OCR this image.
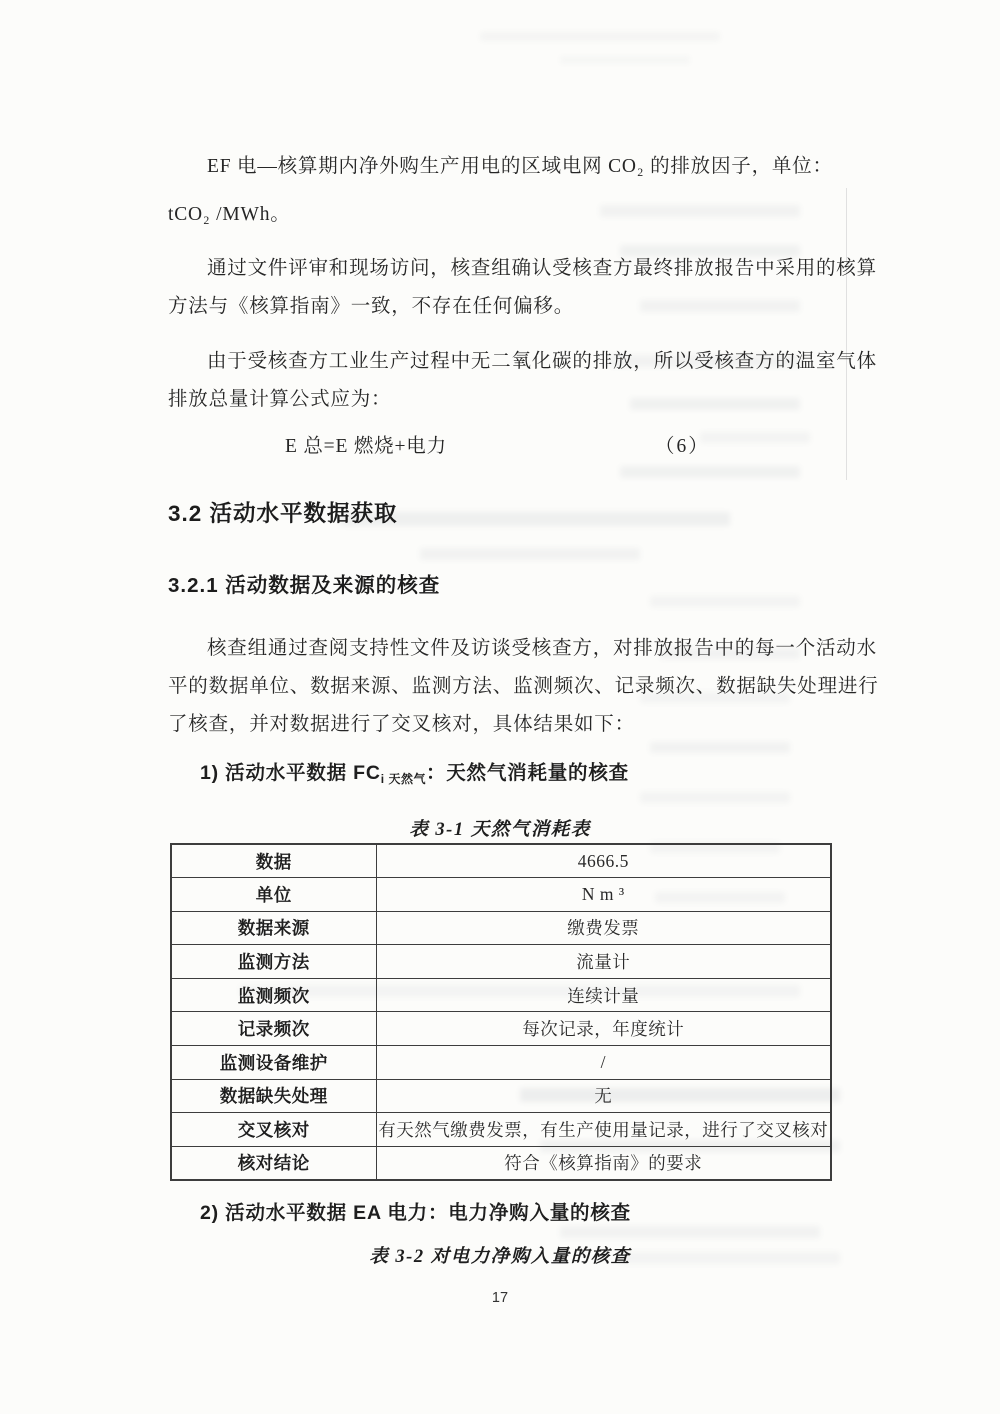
EF 电—核算期内净外购生产用电的区域电网 CO₂ 的排放因子，单位：
tCO₂ /MWh。
通过文件评审和现场访问，核查组确认受核查方最终排放报告中采用的核算
方法与《核算指南》一致，不存在任何偏移。
由于受核查方工业生产过程中无二氧化碳的排放，所以受核查方的温室气体
排放总量计算公式应为：
E 总=E 燃烧+电力	（6）
3.2 活动水平数据获取
3.2.1 活动数据及来源的核查
核查组通过查阅支持性文件及访谈受核查方，对排放报告中的每一个活动水
平的数据单位、数据来源、监测方法、监测频次、记录频次、数据缺失处理进行
了核查，并对数据进行了交叉核对，具体结果如下：
1) 活动水平数据 $FC_{i 天然气}$：天然气消耗量的核查
表 3-1 天然气消耗表
数据	4666.5
单位	N m ³
数据来源	缴费发票
监测方法	流量计
监测频次	连续计量
记录频次	每次记录，年度统计
监测设备维护	/
数据缺失处理	无
交叉核对	有天然气缴费发票，有生产使用量记录，进行了交叉核对
核对结论	符合《核算指南》的要求
2) 活动水平数据 EA 电力：电力净购入量的核查
表 3-2 对电力净购入量的核查
17
